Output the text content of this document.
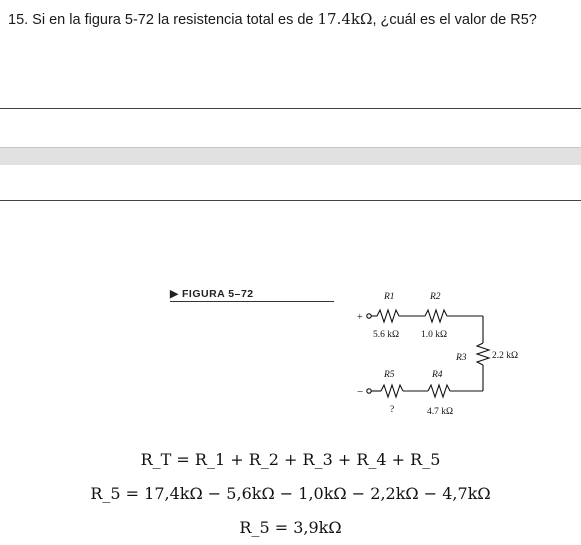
15. Si en la figura 5-72 la resistencia total es de 17.4kΩ, ¿cuál es el valor de R5?
▶ FIGURA 5–72
+
−
R1	R2
5.6 kΩ 1.0 kΩ
R3	2.2 kΩ
R5	R4
?	4.7 kΩ
R_T = R_1 + R_2 + R_3 + R_4 + R_5
R_5 = 17,4kΩ − 5,6kΩ − 1,0kΩ − 2,2kΩ − 4,7kΩ
R_5 = 3,9kΩ
